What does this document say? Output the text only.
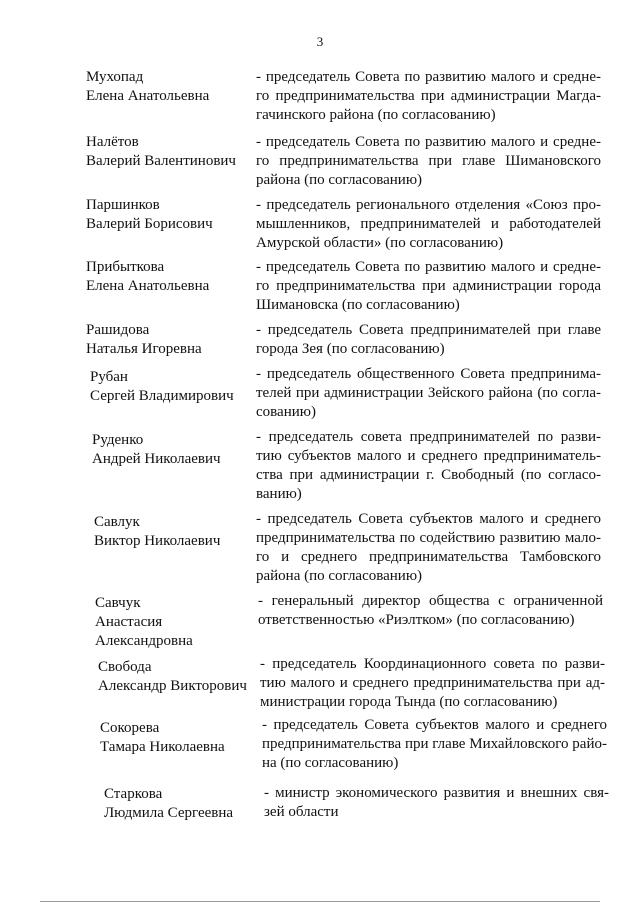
3
Мухопад
Елена Анатольевна
- председатель Совета по развитию малого и средне-го предпринимательства при администрации Магда-гачинского района (по согласованию)
Налётов
Валерий Валентинович
- председатель Совета по развитию малого и средне-го предпринимательства при главе Шимановского района (по согласованию)
Паршинков
Валерий Борисович
- председатель регионального отделения «Союз про-мышленников, предпринимателей и работодателей Амурской области» (по согласованию)
Прибыткова
Елена Анатольевна
- председатель Совета по развитию малого и средне-го предпринимательства при администрации города Шимановска (по согласованию)
Рашидова
Наталья Игоревна
- председатель Совета предпринимателей при главе города Зея (по согласованию)
Рубан
Сергей Владимирович
- председатель общественного Совета предпринима-телей при администрации Зейского района (по согла-сованию)
Руденко
Андрей Николаевич
- председатель совета предпринимателей по разви-тию субъектов малого и среднего предприниматель-ства при администрации г. Свободный (по согласо-ванию)
Савлук
Виктор Николаевич
- председатель Совета субъектов малого и среднего предпринимательства по содействию развитию мало-го и среднего предпринимательства Тамбовского района (по согласованию)
Савчук
Анастасия
Александровна
- генеральный директор общества с ограниченной ответственностью «Риэлтком» (по согласованию)
Свобода
Александр Викторович
- председатель Координационного совета по разви-тию малого и среднего предпринимательства при ад-министрации города Тында (по согласованию)
Сокорева
Тамара Николаевна
- председатель Совета субъектов малого и среднего предпринимательства при главе Михайловского райо-на (по согласованию)
Старкова
Людмила Сергеевна
- министр экономического развития и внешних свя-зей области
